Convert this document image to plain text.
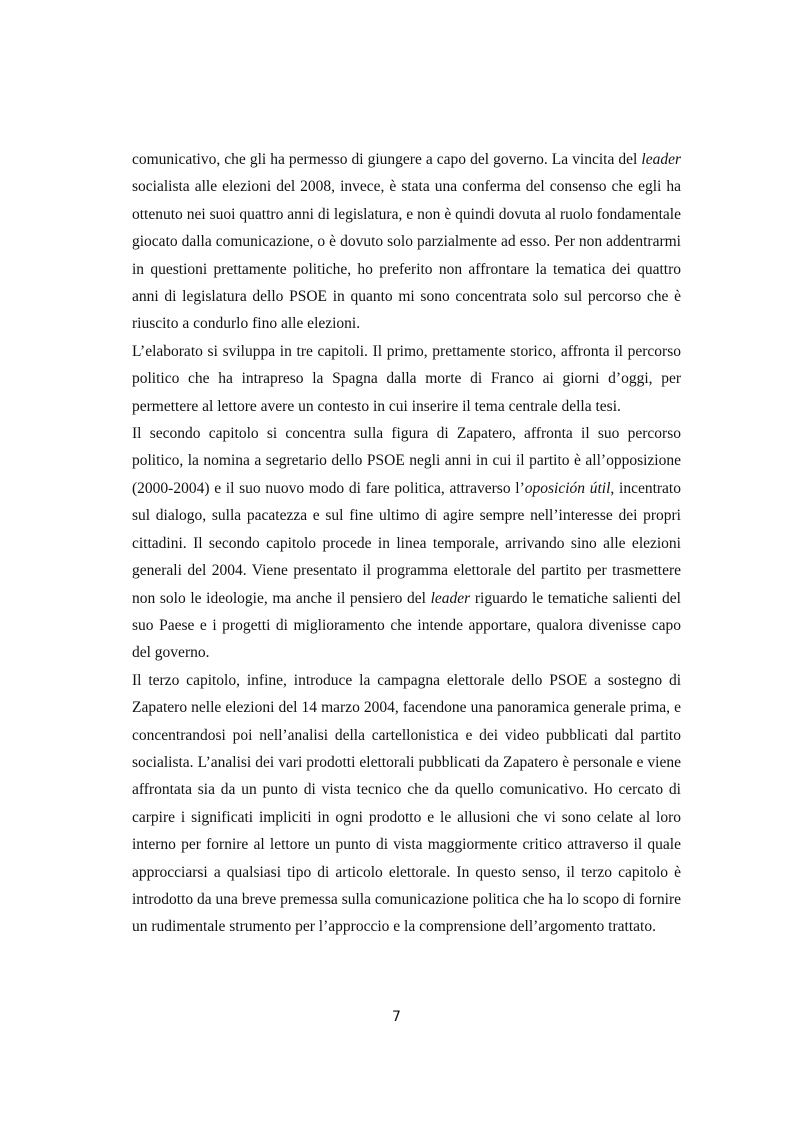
comunicativo, che gli ha permesso di giungere a capo del governo. La vincita del leader socialista alle elezioni del 2008, invece, è stata una conferma del consenso che egli ha ottenuto nei suoi quattro anni di legislatura, e non è quindi dovuta al ruolo fondamentale giocato dalla comunicazione, o è dovuto solo parzialmente ad esso. Per non addentrarmi in questioni prettamente politiche, ho preferito non affrontare la tematica dei quattro anni di legislatura dello PSOE in quanto mi sono concentrata solo sul percorso che è riuscito a condurlo fino alle elezioni.

L’elaborato si sviluppa in tre capitoli. Il primo, prettamente storico, affronta il percorso politico che ha intrapreso la Spagna dalla morte di Franco ai giorni d’oggi, per permettere al lettore avere un contesto in cui inserire il tema centrale della tesi.

Il secondo capitolo si concentra sulla figura di Zapatero, affronta il suo percorso politico, la nomina a segretario dello PSOE negli anni in cui il partito è all’opposizione (2000-2004) e il suo nuovo modo di fare politica, attraverso l’oposición útil, incentrato sul dialogo, sulla pacatezza e sul fine ultimo di agire sempre nell’interesse dei propri cittadini. Il secondo capitolo procede in linea temporale, arrivando sino alle elezioni generali del 2004. Viene presentato il programma elettorale del partito per trasmettere non solo le ideologie, ma anche il pensiero del leader riguardo le tematiche salienti del suo Paese e i progetti di miglioramento che intende apportare, qualora divenisse capo del governo.

Il terzo capitolo, infine, introduce la campagna elettorale dello PSOE a sostegno di Zapatero nelle elezioni del 14 marzo 2004, facendone una panoramica generale prima, e concentrandosi poi nell’analisi della cartellonistica e dei video pubblicati dal partito socialista. L’analisi dei vari prodotti elettorali pubblicati da Zapatero è personale e viene affrontata sia da un punto di vista tecnico che da quello comunicativo. Ho cercato di carpire i significati impliciti in ogni prodotto e le allusioni che vi sono celate al loro interno per fornire al lettore un punto di vista maggiormente critico attraverso il quale approcciarsi a qualsiasi tipo di articolo elettorale. In questo senso, il terzo capitolo è introdotto da una breve premessa sulla comunicazione politica che ha lo scopo di fornire un rudimentale strumento per l’approccio e la comprensione dell’argomento trattato.

7
